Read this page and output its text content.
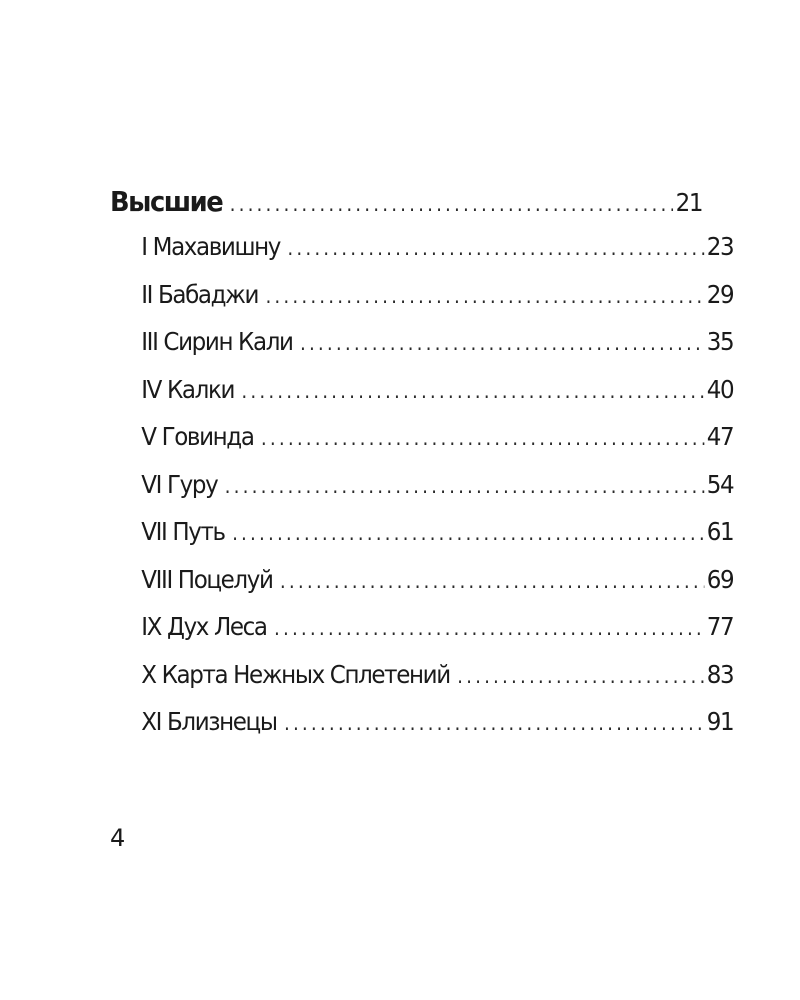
Высшие .....	21
I Махавишну .....	23
II Бабаджи .....	29
III Сирин Кали .....	35
IV Калки .....	40
V Говинда .....	47
VI Гуру .....	54
VII Путь .....	61
VIII Поцелуй .....	69
IX Дух Леса .....	77
X Карта Нежных Сплетений .....	83
XI Близнецы .....	91
4
